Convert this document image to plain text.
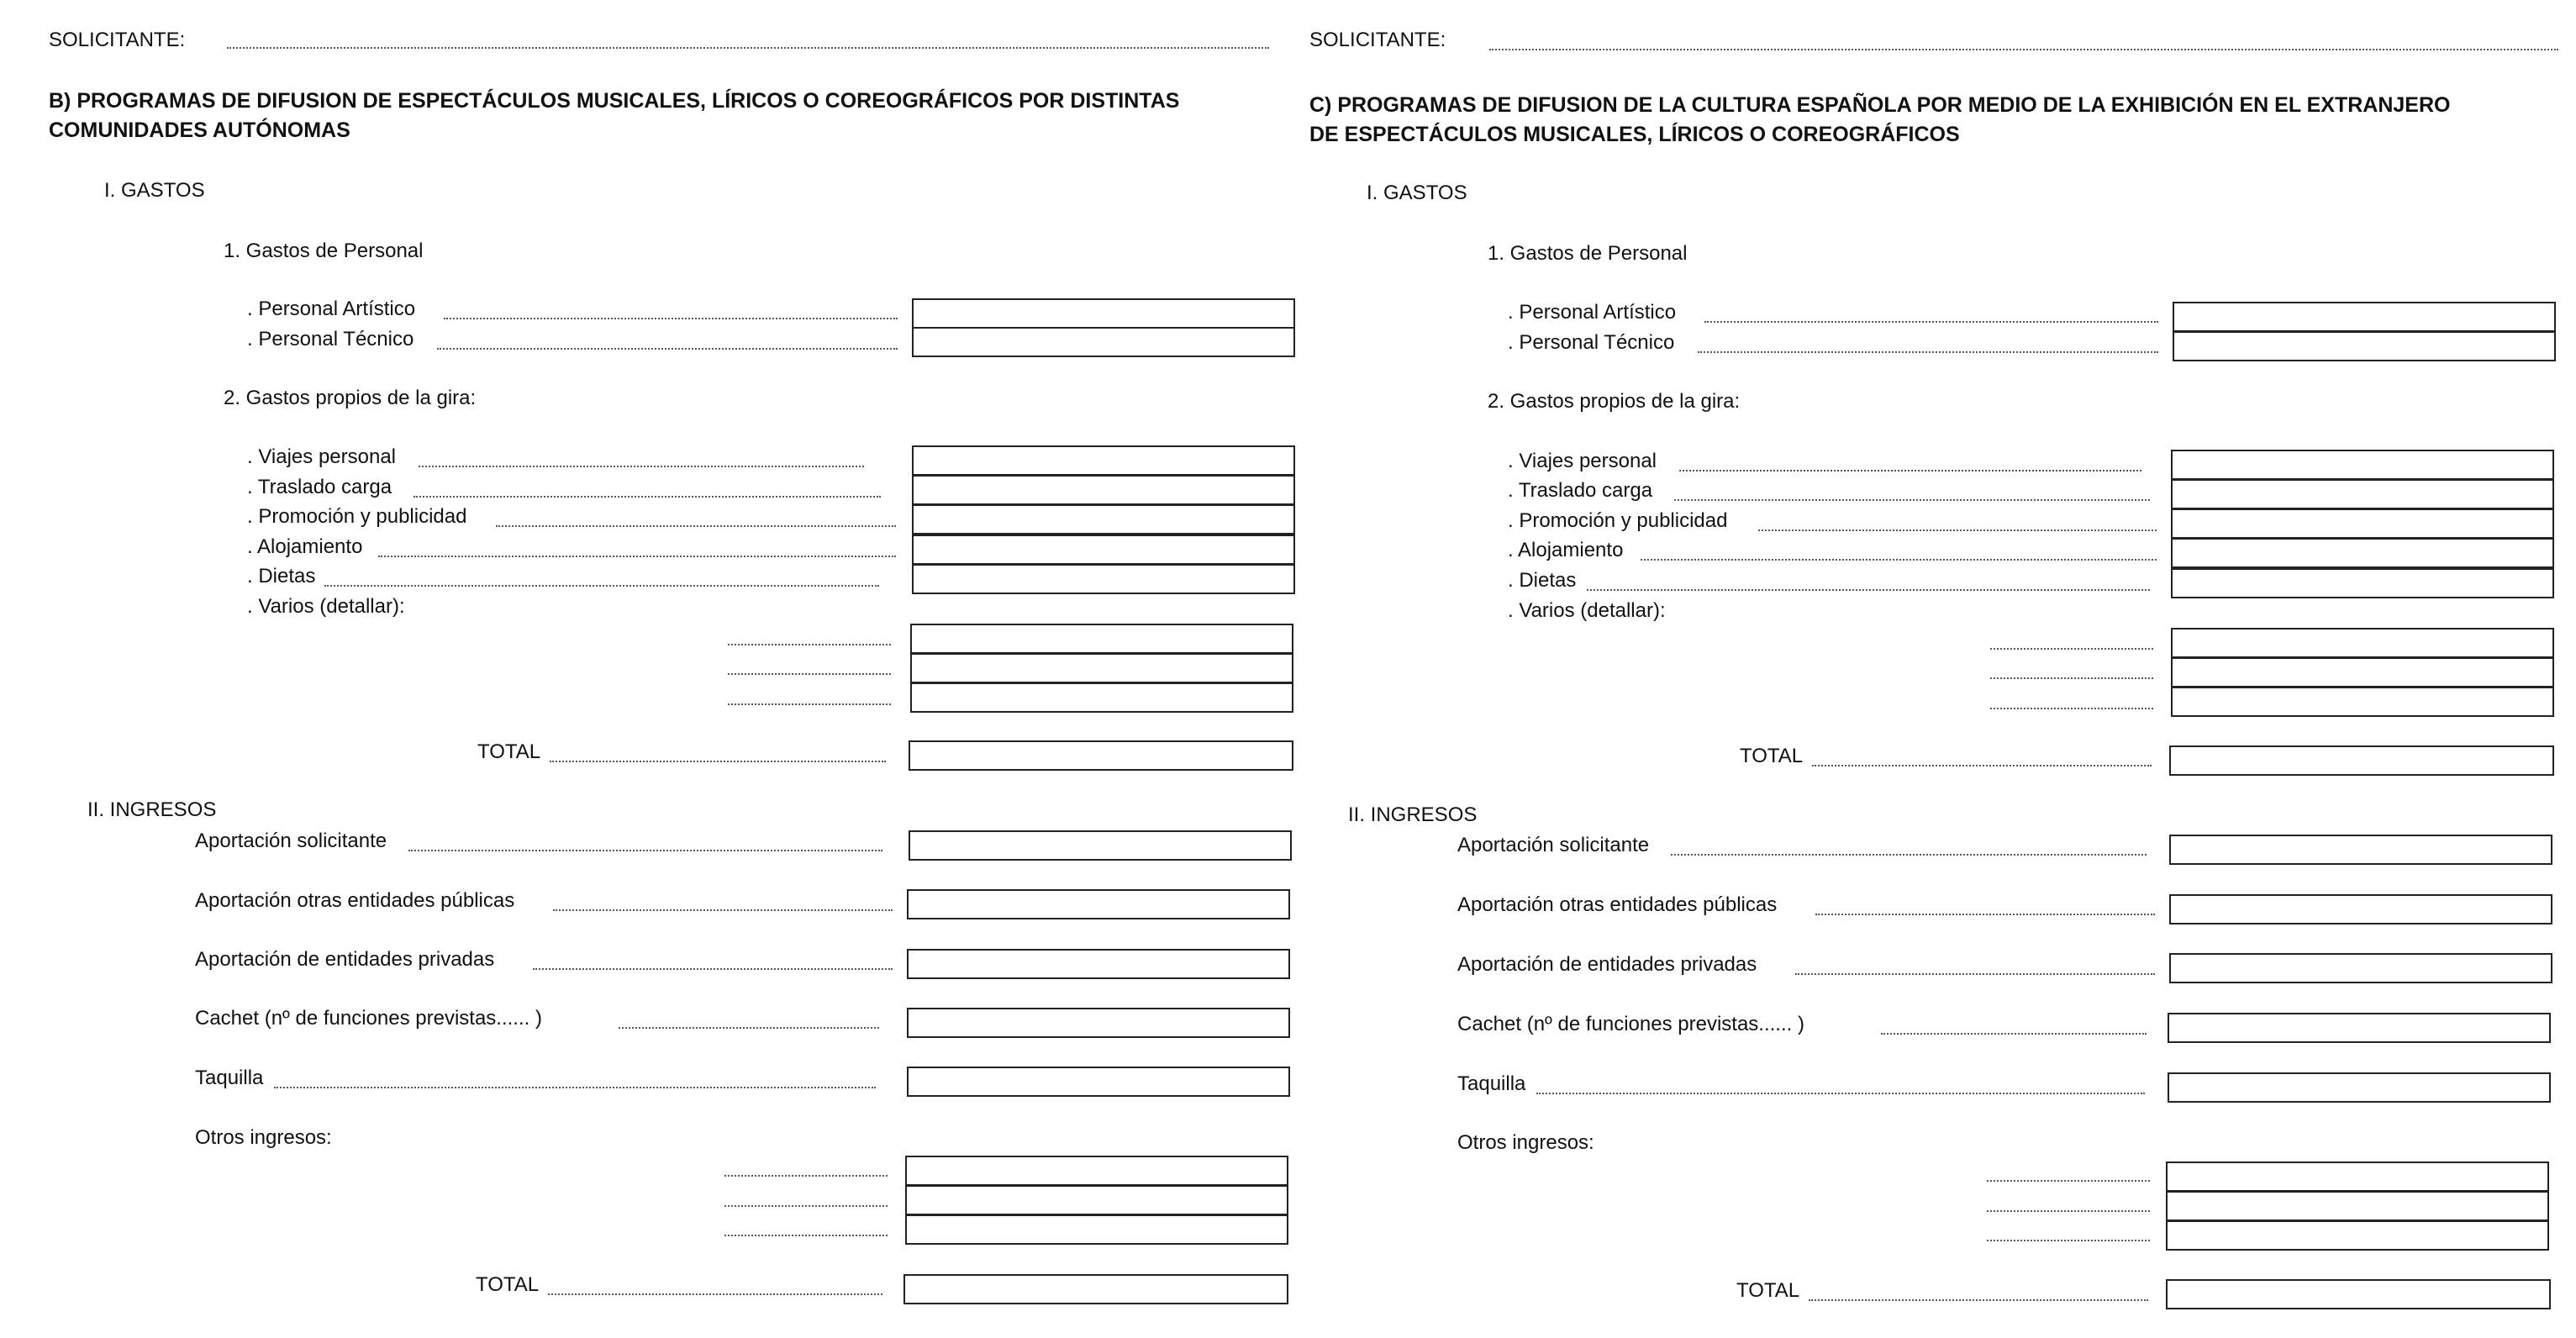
SOLICITANTE:
B) PROGRAMAS DE DIFUSION DE ESPECTÁCULOS MUSICALES, LÍRICOS O COREOGRÁFICOS POR DISTINTAS
COMUNIDADES AUTÓNOMAS
I. GASTOS
1. Gastos de Personal
. Personal Artístico
. Personal Técnico
2. Gastos propios de la gira:
. Viajes personal
. Traslado carga
. Promoción y publicidad
. Alojamiento
. Dietas
. Varios (detallar):
TOTAL
II. INGRESOS
Aportación solicitante
Aportación otras entidades públicas
Aportación de entidades privadas
Cachet (nº de funciones previstas...... )
Taquilla
Otros ingresos:
TOTAL
SOLICITANTE:
C) PROGRAMAS DE DIFUSION DE LA CULTURA ESPAÑOLA POR MEDIO DE LA EXHIBICIÓN EN EL EXTRANJERO
DE ESPECTÁCULOS MUSICALES, LÍRICOS O COREOGRÁFICOS
I. GASTOS
1. Gastos de Personal
. Personal Artístico
. Personal Técnico
2. Gastos propios de la gira:
. Viajes personal
. Traslado carga
. Promoción y publicidad
. Alojamiento
. Dietas
. Varios (detallar):
TOTAL
II. INGRESOS
Aportación solicitante
Aportación otras entidades públicas
Aportación de entidades privadas
Cachet (nº de funciones previstas...... )
Taquilla
Otros ingresos:
TOTAL
